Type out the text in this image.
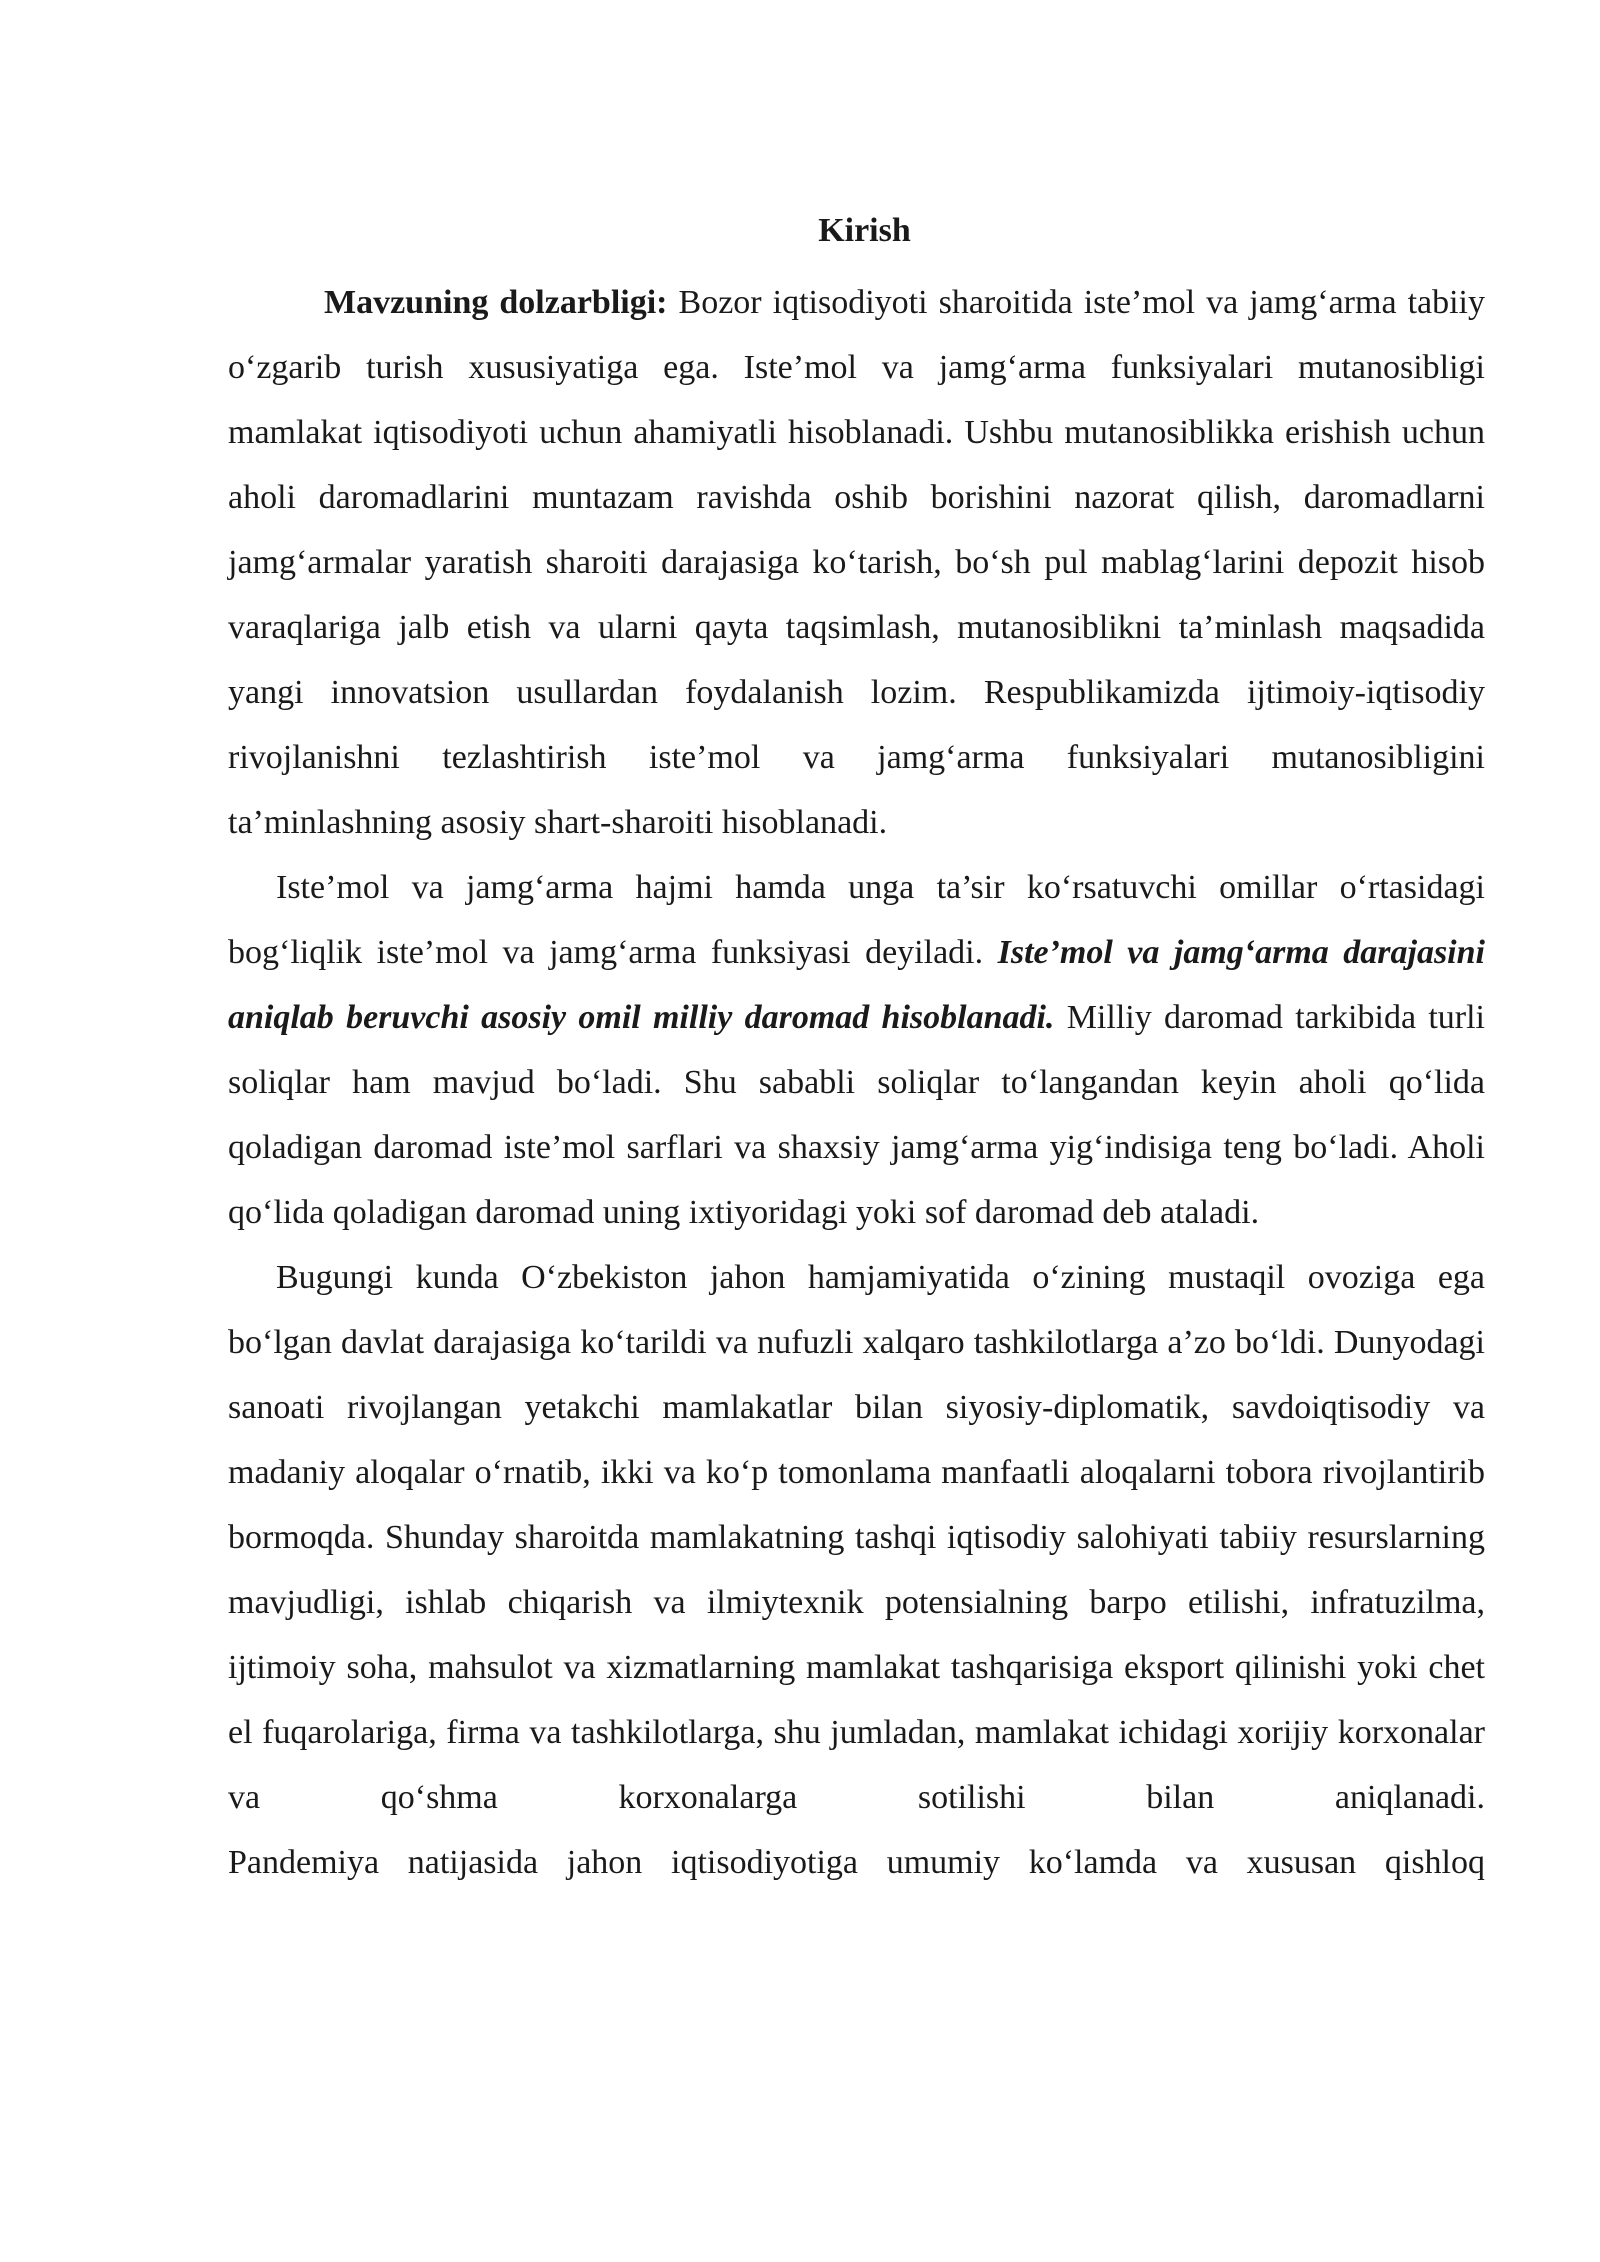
Kirish

Mavzuning dolzarbligi: Bozor iqtisodiyoti sharoitida iste’mol va jamg‘arma tabiiy o‘zgarib turish xususiyatiga ega. Iste’mol va jamg‘arma funksiyalari mutanosibligi mamlakat iqtisodiyoti uchun ahamiyatli hisoblanadi. Ushbu mutanosiblikka erishish uchun aholi daromadlarini muntazam ravishda oshib borishini nazorat qilish, daromadlarni jamg‘armalar yaratish sharoiti darajasiga ko‘tarish, bo‘sh pul mablag‘larini depozit hisob varaqlariga jalb etish va ularni qayta taqsimlash, mutanosiblikni ta’minlash maqsadida yangi innovatsion usullardan foydalanish lozim. Respublikamizda ijtimoiy-iqtisodiy rivojlanishni tezlashtirish iste’mol va jamg‘arma funksiyalari mutanosibligini ta’minlashning asosiy shart-sharoiti hisoblanadi.

Iste’mol va jamg‘arma hajmi hamda unga ta’sir ko‘rsatuvchi omillar o‘rtasidagi bog‘liqlik iste’mol va jamg‘arma funksiyasi deyiladi. Iste’mol va jamg‘arma darajasini aniqlab beruvchi asosiy omil milliy daromad hisoblanadi. Milliy daromad tarkibida turli soliqlar ham mavjud bo‘ladi. Shu sababli soliqlar to‘langandan keyin aholi qo‘lida qoladigan daromad iste’mol sarflari va shaxsiy jamg‘arma yig‘indisiga teng bo‘ladi. Aholi qo‘lida qoladigan daromad uning ixtiyoridagi yoki sof daromad deb ataladi.

Bugungi kunda O‘zbekiston jahon hamjamiyatida o‘zining mustaqil ovoziga ega bo‘lgan davlat darajasiga ko‘tarildi va nufuzli xalqaro tashkilotlarga a’zo bo‘ldi. Dunyodagi sanoati rivojlangan yetakchi mamlakatlar bilan siyosiy-diplomatik, savdoiqtisodiy va madaniy aloqalar o‘rnatib, ikki va ko‘p tomonlama manfaatli aloqalarni tobora rivojlantirib bormoqda. Shunday sharoitda mamlakatning tashqi iqtisodiy salohiyati tabiiy resurslarning mavjudligi, ishlab chiqarish va ilmiytexnik potensialning barpo etilishi, infratuzilma, ijtimoiy soha, mahsulot va xizmatlarning mamlakat tashqarisiga eksport qilinishi yoki chet el fuqarolariga, firma va tashkilotlarga, shu jumladan, mamlakat ichidagi xorijiy korxonalar va qo‘shma korxonalarga sotilishi bilan aniqlanadi.

Pandemiya natijasida jahon iqtisodiyotiga umumiy ko‘lamda va xususan qishloq
